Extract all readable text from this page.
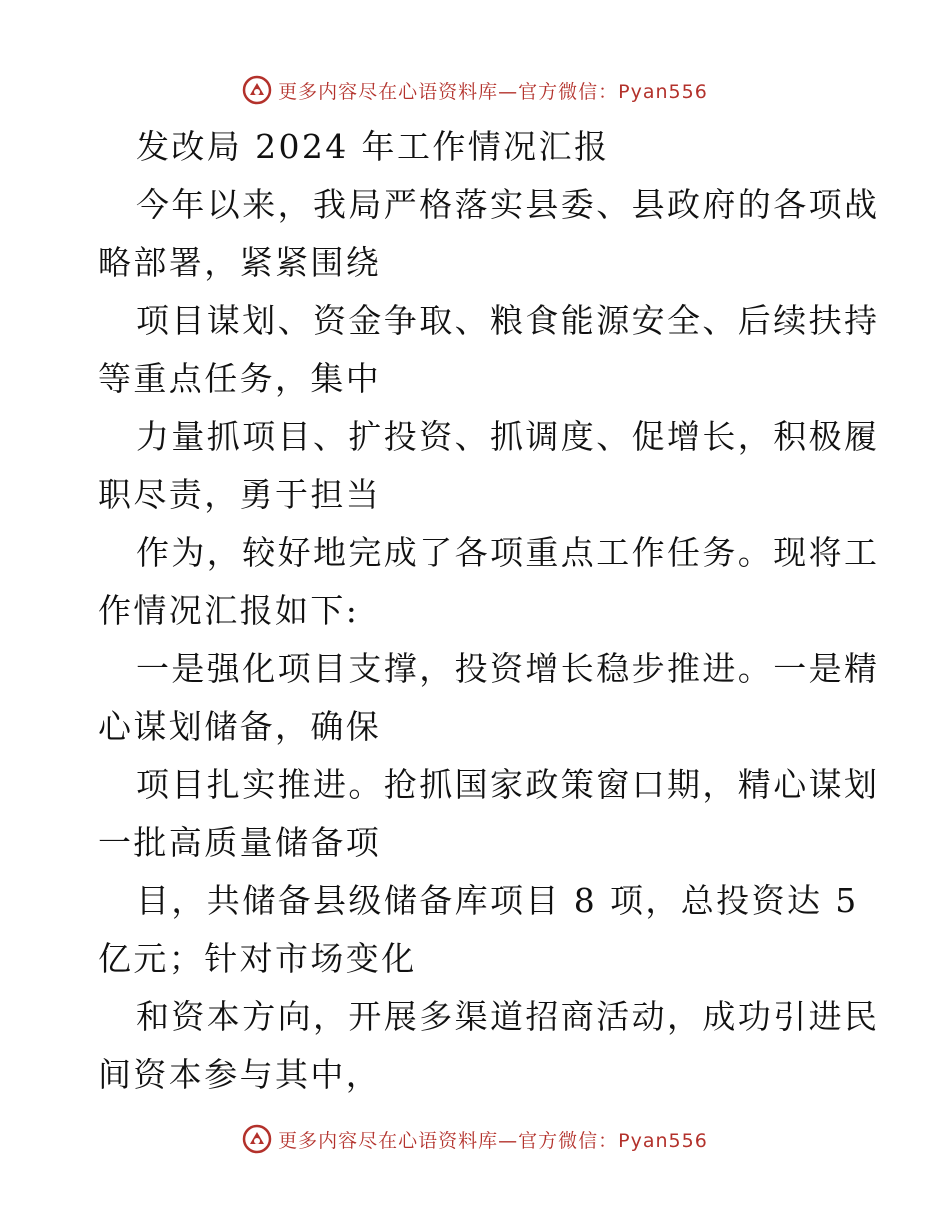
更多内容尽在心语资料库—官方微信：Pyan556
发改局 2024 年工作情况汇报
今年以来，我局严格落实县委、县政府的各项战
略部署，紧紧围绕
项目谋划、资金争取、粮食能源安全、后续扶持
等重点任务，集中
力量抓项目、扩投资、抓调度、促增长，积极履
职尽责，勇于担当
作为，较好地完成了各项重点工作任务。现将工
作情况汇报如下:
一是强化项目支撑，投资增长稳步推进。一是精
心谋划储备，确保
项目扎实推进。抢抓国家政策窗口期，精心谋划
一批高质量储备项
目，共储备县级储备库项目 8 项，总投资达 5
亿元；针对市场变化
和资本方向，开展多渠道招商活动，成功引进民
间资本参与其中，
更多内容尽在心语资料库—官方微信：Pyan556
